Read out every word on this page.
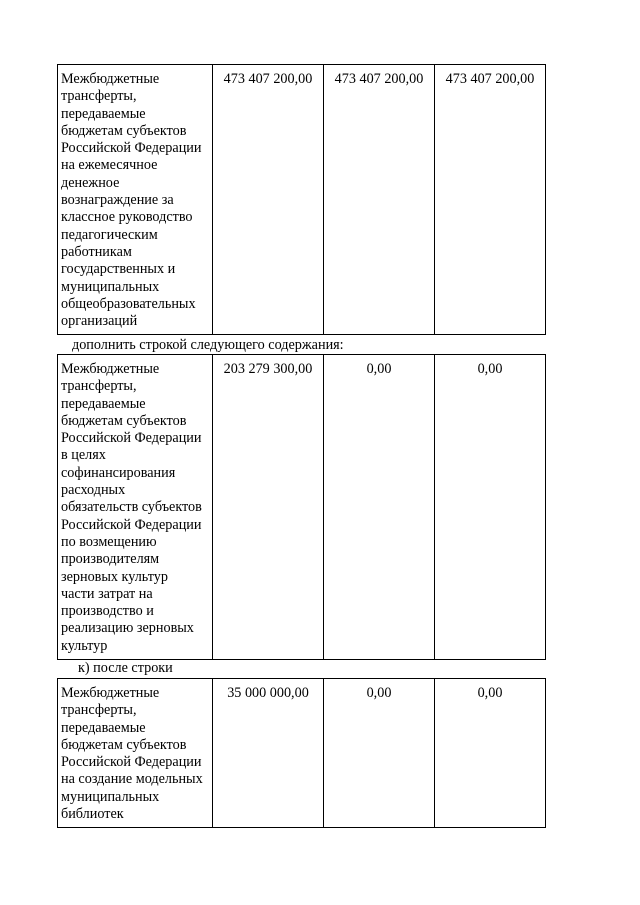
Межбюджетные
трансферты,
передаваемые
бюджетам субъектов
Российской Федерации
на ежемесячное
денежное
вознаграждение за
классное руководство
педагогическим
работникам
государственных и
муниципальных
общеобразовательных
организаций
	473 407 200,00	473 407 200,00	473 407 200,00
дополнить строкой следующего содержания:
Межбюджетные
трансферты,
передаваемые
бюджетам субъектов
Российской Федерации
в целях
софинансирования
расходных
обязательств субъектов
Российской Федерации
по возмещению
производителям
зерновых культур
части затрат на
производство и
реализацию зерновых
культур
	203 279 300,00	0,00	0,00
к) после строки
Межбюджетные
трансферты,
передаваемые
бюджетам субъектов
Российской Федерации
на создание модельных
муниципальных
библиотек
	35 000 000,00	0,00	0,00
